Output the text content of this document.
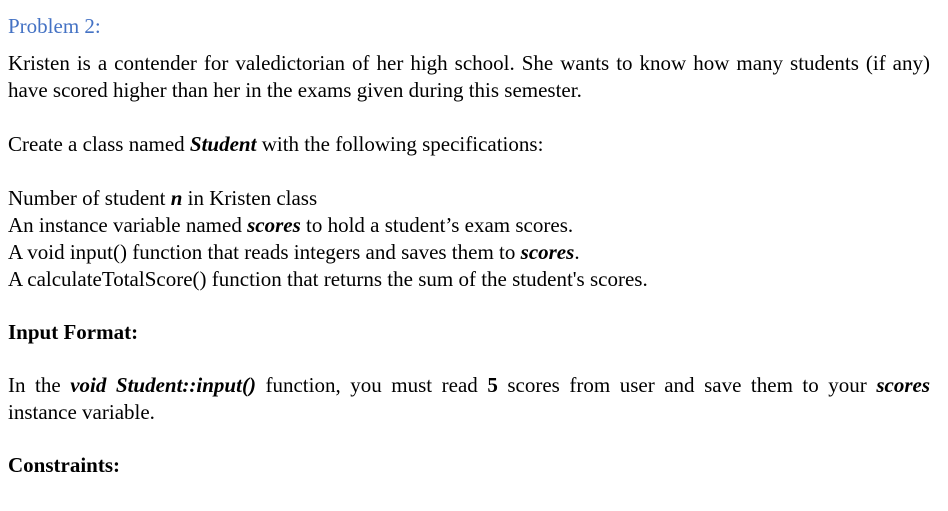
Problem 2:

Kristen is a contender for valedictorian of her high school. She wants to know how many students (if any) have scored higher than her in the exams given during this semester.

Create a class named Student with the following specifications:

Number of student n in Kristen class

An instance variable named scores to hold a student’s exam scores.

A void input() function that reads integers and saves them to scores.

A calculateTotalScore() function that returns the sum of the student's scores.

Input Format:

In the void Student::input() function, you must read 5 scores from user and save them to your scores instance variable.

Constraints:
